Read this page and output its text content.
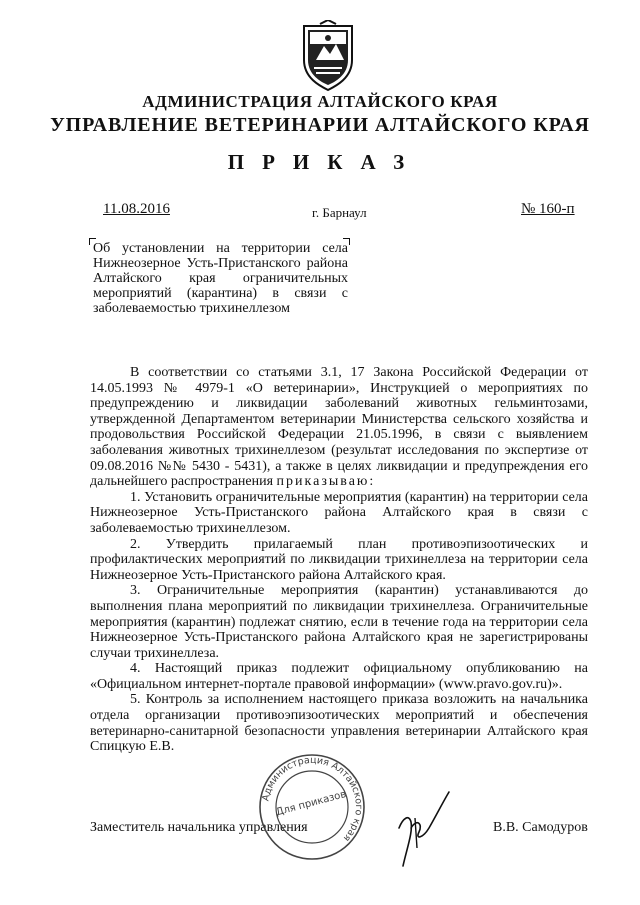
АДМИНИСТРАЦИЯ АЛТАЙСКОГО КРАЯ
УПРАВЛЕНИЕ ВЕТЕРИНАРИИ АЛТАЙСКОГО КРАЯ
ПРИКАЗ
11.08.2016	г. Барнаул	№ 160-п
Об установлении на территории села Нижнеозерное Усть-Пристанского района Алтайского края ограничительных мероприятий (карантина) в связи с заболеваемостью трихинеллезом

В соответствии со статьями 3.1, 17 Закона Российской Федерации от 14.05.1993 № 4979-1 «О ветеринарии», Инструкцией о мероприятиях по предупреждению и ликвидации заболеваний животных гельминтозами, утвержденной Департаментом ветеринарии Министерства сельского хозяйства и продовольствия Российской Федерации 21.05.1996, в связи с выявлением заболевания животных трихинеллезом (результат исследования по экспертизе от 09.08.2016 №№ 5430 - 5431), а также в целях ликвидации и предупреждения его дальнейшего распространения приказываю:

1. Установить ограничительные мероприятия (карантин) на территории села Нижнеозерное Усть-Пристанского района Алтайского края в связи с заболеваемостью трихинеллезом.

2. Утвердить прилагаемый план противоэпизоотических и профилактических мероприятий по ликвидации трихинеллеза на территории села Нижнеозерное Усть-Пристанского района Алтайского края.

3. Ограничительные мероприятия (карантин) устанавливаются до выполнения плана мероприятий по ликвидации трихинеллеза. Ограничительные мероприятия (карантин) подлежат снятию, если в течение года на территории села Нижнеозерное Усть-Пристанского района Алтайского края не зарегистрированы случаи трихинеллеза.

4. Настоящий приказ подлежит официальному опубликованию на «Официальном интернет-портале правовой информации» (www.pravo.gov.ru)».

5. Контроль за исполнением настоящего приказа возложить на начальника отдела организации противоэпизоотических мероприятий и обеспечения ветеринарно-санитарной безопасности управления ветеринарии Алтайского края Спицкую Е.В.

Заместитель начальника управления	В.В. Самодуров
Администрация Алтайского края
Для приказов
